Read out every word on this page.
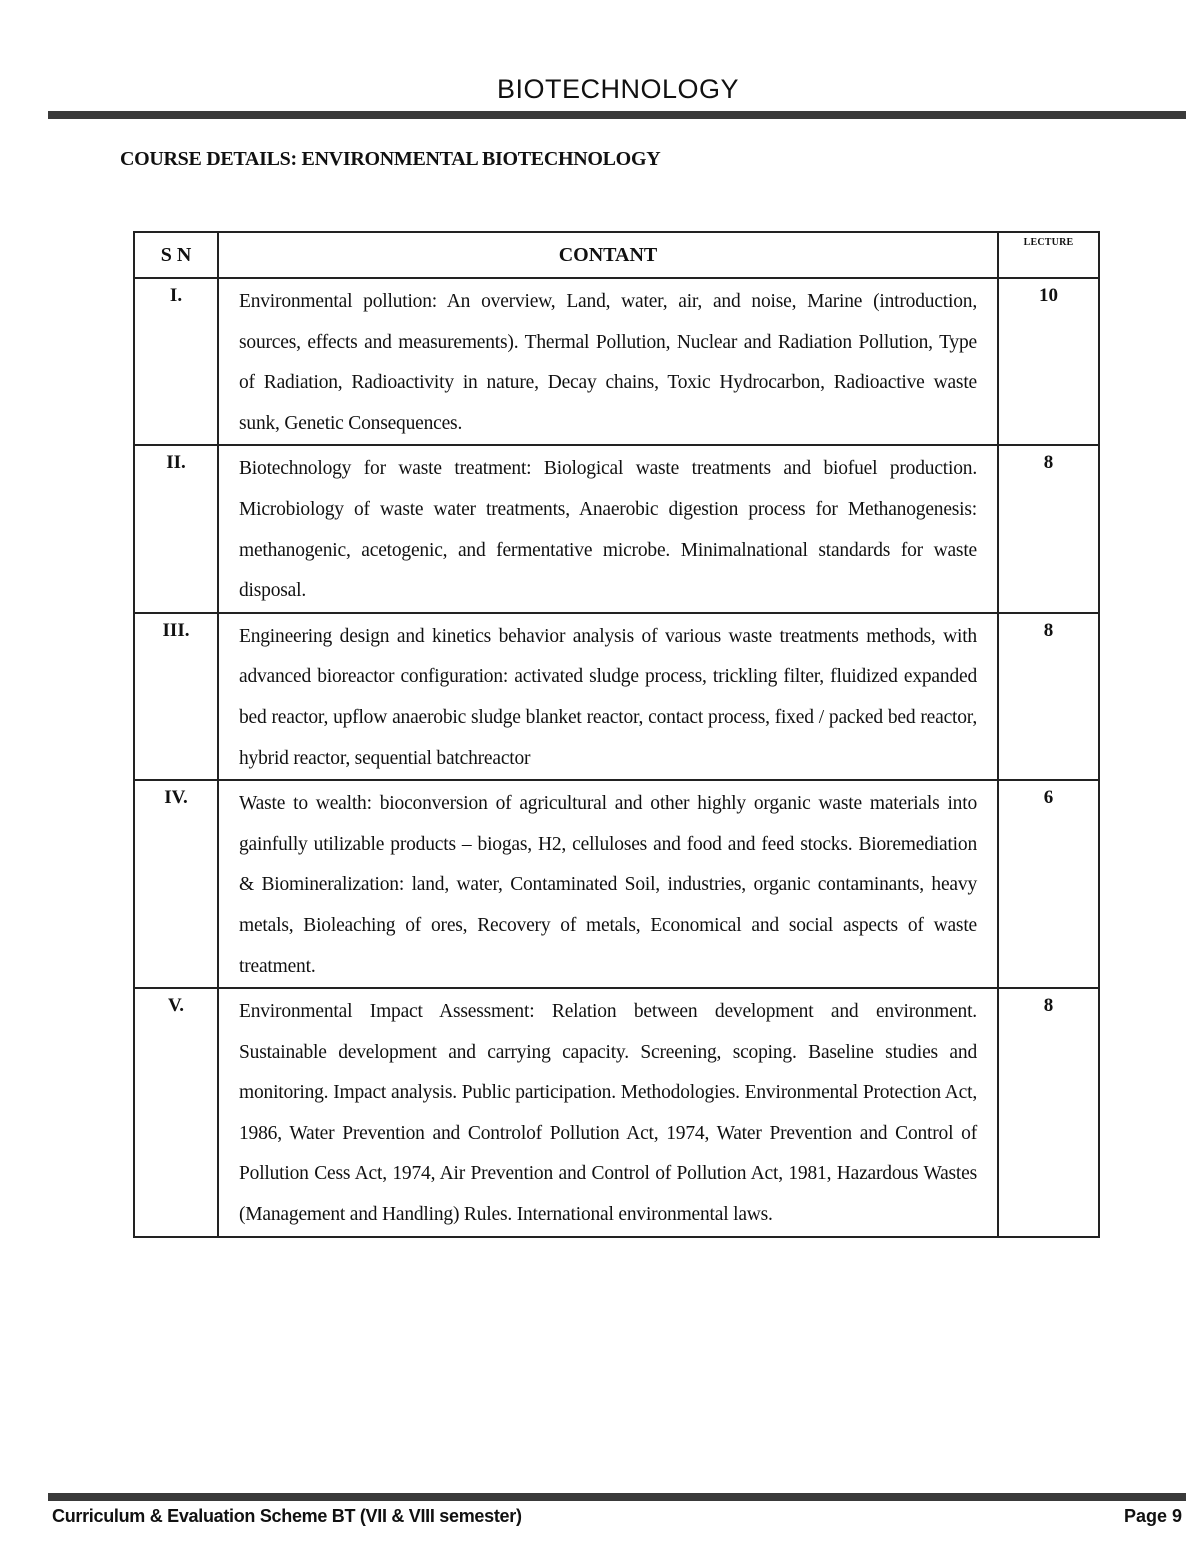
BIOTECHNOLOGY
COURSE DETAILS: ENVIRONMENTAL BIOTECHNOLOGY
S N	CONTANT	LECTURE
I.	Environmental pollution: An overview, Land, water, air, and noise, Marine (introduction, sources, effects and measurements). Thermal Pollution, Nuclear and Radiation Pollution, Type of Radiation, Radioactivity in nature, Decay chains, Toxic Hydrocarbon, Radioactive waste sunk, Genetic Consequences.	10
II.	Biotechnology for waste treatment: Biological waste treatments and biofuel production. Microbiology of waste water treatments, Anaerobic digestion process for Methanogenesis: methanogenic, acetogenic, and fermentative microbe. Minimalnational standards for waste disposal.	8
III.	Engineering design and kinetics behavior analysis of various waste treatments methods, with advanced bioreactor configuration: activated sludge process, trickling filter, fluidized expanded bed reactor, upflow anaerobic sludge blanket reactor, contact process, fixed / packed bed reactor, hybrid reactor, sequential batchreactor	8
IV.	Waste to wealth: bioconversion of agricultural and other highly organic waste materials into gainfully utilizable products – biogas, H2, celluloses and food and feed stocks. Bioremediation & Biomineralization: land, water, Contaminated Soil, industries, organic contaminants, heavy metals, Bioleaching of ores, Recovery of metals, Economical and social aspects of waste treatment.	6
V.	Environmental Impact Assessment: Relation between development and environment. Sustainable development and carrying capacity. Screening, scoping. Baseline studies and monitoring. Impact analysis. Public participation. Methodologies. Environmental Protection Act, 1986, Water Prevention and Controlof Pollution Act, 1974, Water Prevention and Control of Pollution Cess Act, 1974, Air Prevention and Control of Pollution Act, 1981, Hazardous Wastes (Management and Handling) Rules. International environmental laws.	8
Curriculum & Evaluation Scheme BT (VII & VIII semester)	Page 9
